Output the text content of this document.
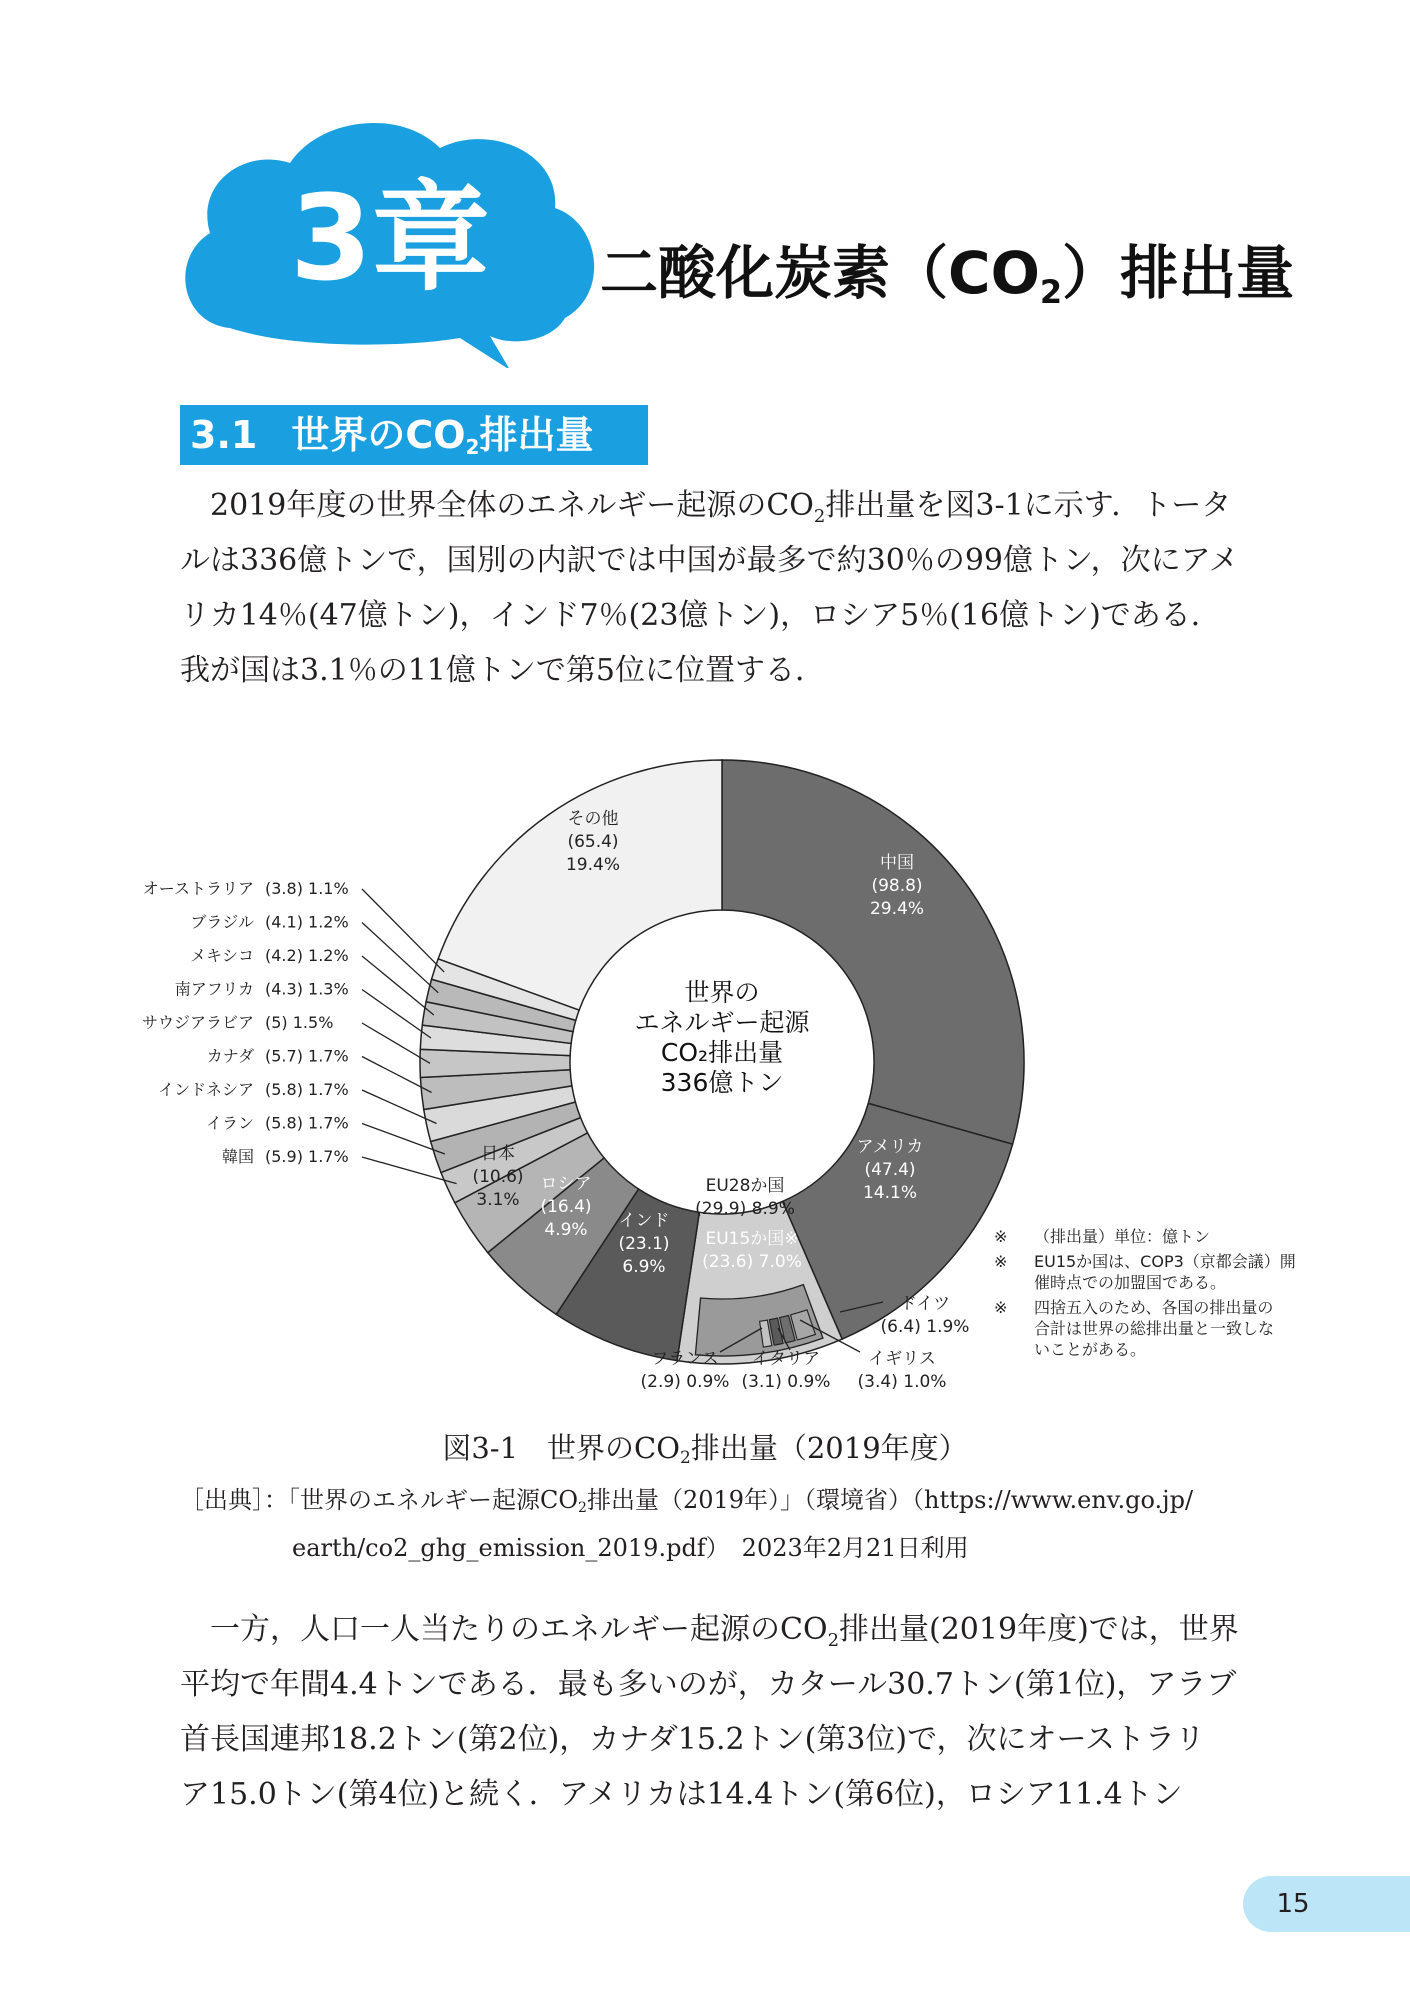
3章	二酸化炭素$(CO_2)$排出量
3.1 世界の$CO_2$排出量
　2019年度の世界全体のエネルギー起源の$CO_2$排出量を図3-1に示す．トータ
ルは336億トンで，国別の内訳では中国が最多で約30％の99億トン，次にアメ
リカ14％(47億トン)，インド7％(23億トン)，ロシア5％(16億トン)である．
我が国は3.1％の11億トンで第5位に位置する．
中国
(98.8)
29.4%
アメリカ
(47.4)
14.1%
その他
(65.4)
19.4%
インド
(23.1)
6.9%
ロシア
(16.4)
4.9%
日本
(10.6)
3.1%
EU28か国
(29.9) 8.9%
EU15か国※
(23.6) 7.0%
オーストラリア (3.8) 1.1%
ブラジル (4.1) 1.2%
メキシコ (4.2) 1.2%
南アフリカ (4.3) 1.3%
サウジアラビア (5) 1.5%
カナダ (5.7) 1.7%
インドネシア (5.8) 1.7%
イラン (5.8) 1.7%
韓国 (5.9) 1.7%
ドイツ
(6.4) 1.9%
フランス
(2.9) 0.9%
イタリア
(3.1) 0.9%
イギリス
(3.4) 1.0%
世界の
エネルギー起源
CO₂排出量
336億トン
※ （排出量）単位：億トン
※ EU15か国は、COP3（京都会議）開
催時点での加盟国である。
※ 四捨五入のため、各国の排出量の
合計は世界の総排出量と一致しな
いことがある。
図3-1　世界の$CO_2$排出量（2019年度）
［出典］：「世界のエネルギー起源$CO_2$排出量（2019年）」（環境省）（https://www.env.go.jp/
earth/co2_ghg_emission_2019.pdf）　2023年2月21日利用
　一方，人口一人当たりのエネルギー起源の$CO_2$排出量(2019年度)では，世界
平均で年間4.4トンである．最も多いのが，カタール30.7トン(第1位)，アラブ
首長国連邦18.2トン(第2位)，カナダ15.2トン(第3位)で，次にオーストラリ
ア15.0トン(第4位)と続く．アメリカは14.4トン(第6位)，ロシア11.4トン
15
